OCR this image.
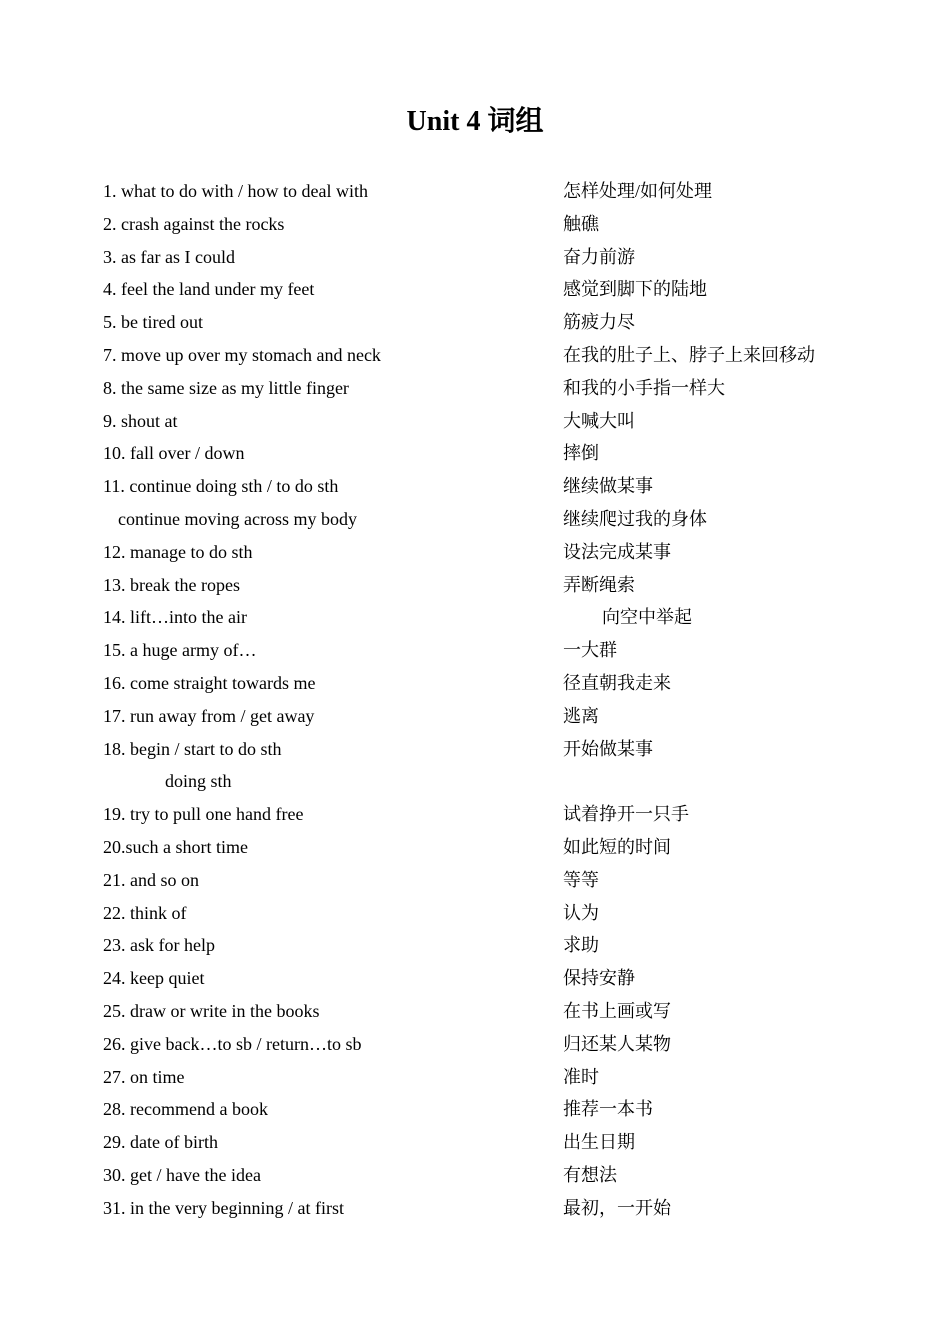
Unit 4 词组
1. what to do with / how to deal with	怎样处理/如何处理
2. crash against the rocks	触礁
3. as far as I could	奋力前游
4. feel the land under my feet	感觉到脚下的陆地
5. be tired out	筋疲力尽
7. move up over my stomach and neck	在我的肚子上、脖子上来回移动
8. the same size as my little finger	和我的小手指一样大
9. shout at	大喊大叫
10. fall over / down	摔倒
11. continue doing sth / to do sth	继续做某事
continue moving across my body	继续爬过我的身体
12. manage to do sth	设法完成某事
13. break the ropes	弄断绳索
14. lift…into the air	向空中举起
15. a huge army of…	一大群
16. come straight towards me	径直朝我走来
17. run away from / get away	逃离
18. begin / start to do sth	开始做某事
doing sth
19. try to pull one hand free	试着挣开一只手
20.such a short time	如此短的时间
21. and so on	等等
22. think of	认为
23. ask for help	求助
24. keep quiet	保持安静
25. draw or write in the books	在书上画或写
26. give back…to sb / return…to sb	归还某人某物
27. on time	准时
28. recommend a book	推荐一本书
29. date of birth	出生日期
30. get / have the idea	有想法
31. in the very beginning / at first	最初，一开始
